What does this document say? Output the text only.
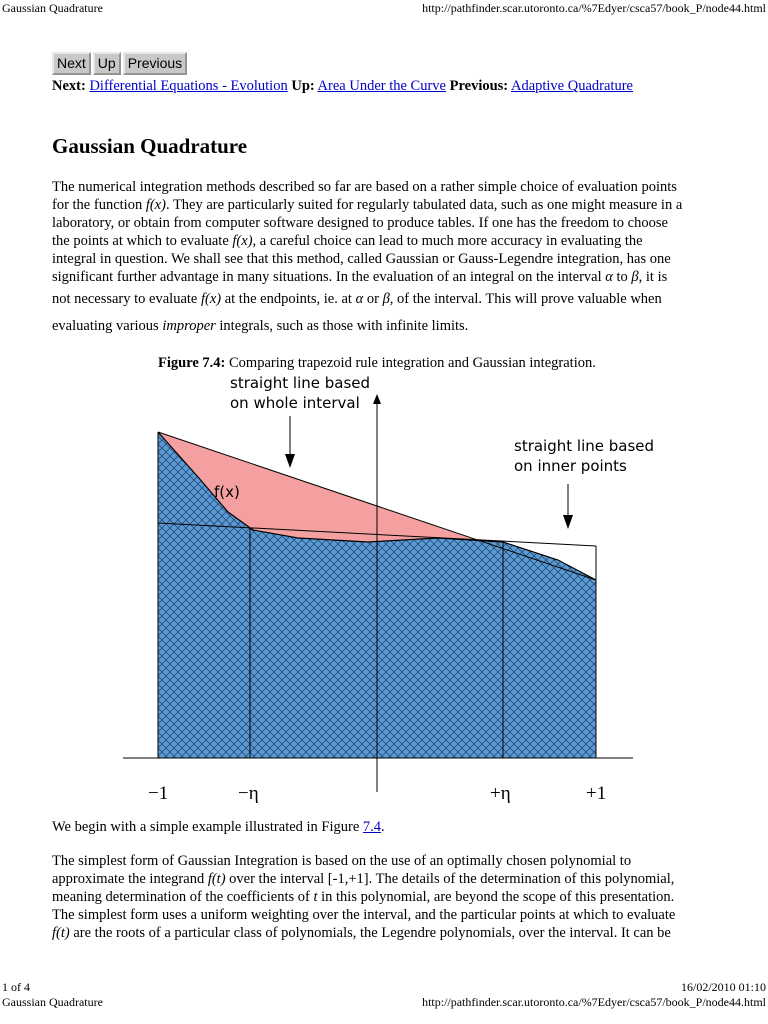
Gaussian Quadrature	http://pathfinder.scar.utoronto.ca/%7Edyer/csca57/book_P/node44.html
Next Up Previous
Next: Differential Equations - Evolution Up: Area Under the Curve Previous: Adaptive Quadrature
Gaussian Quadrature

The numerical integration methods described so far are based on a rather simple choice of evaluation points
for the function f(x). They are particularly suited for regularly tabulated data, such as one might measure in a
laboratory, or obtain from computer software designed to produce tables. If one has the freedom to choose
the points at which to evaluate f(x), a careful choice can lead to much more accuracy in evaluating the
integral in question. We shall see that this method, called Gaussian or Gauss-Legendre integration, has one
significant further advantage in many situations. In the evaluation of an integral on the interval α to β, it is
not necessary to evaluate f(x) at the endpoints, ie. at α or β, of the interval. This will prove valuable when
evaluating various improper integrals, such as those with infinite limits.

Figure 7.4: Comparing trapezoid rule integration and Gaussian integration.
straight line based
on whole interval
straight line based
on inner points
f(x)
−1	−η	+η	+1

We begin with a simple example illustrated in Figure 7.4.

The simplest form of Gaussian Integration is based on the use of an optimally chosen polynomial to
approximate the integrand f(t) over the interval [-1,+1]. The details of the determination of this polynomial,
meaning determination of the coefficients of t in this polynomial, are beyond the scope of this presentation.
The simplest form uses a uniform weighting over the interval, and the particular points at which to evaluate
f(t) are the roots of a particular class of polynomials, the Legendre polynomials, over the interval. It can be

1 of 4	16/02/2010 01:10
Gaussian Quadrature	http://pathfinder.scar.utoronto.ca/%7Edyer/csca57/book_P/node44.html
